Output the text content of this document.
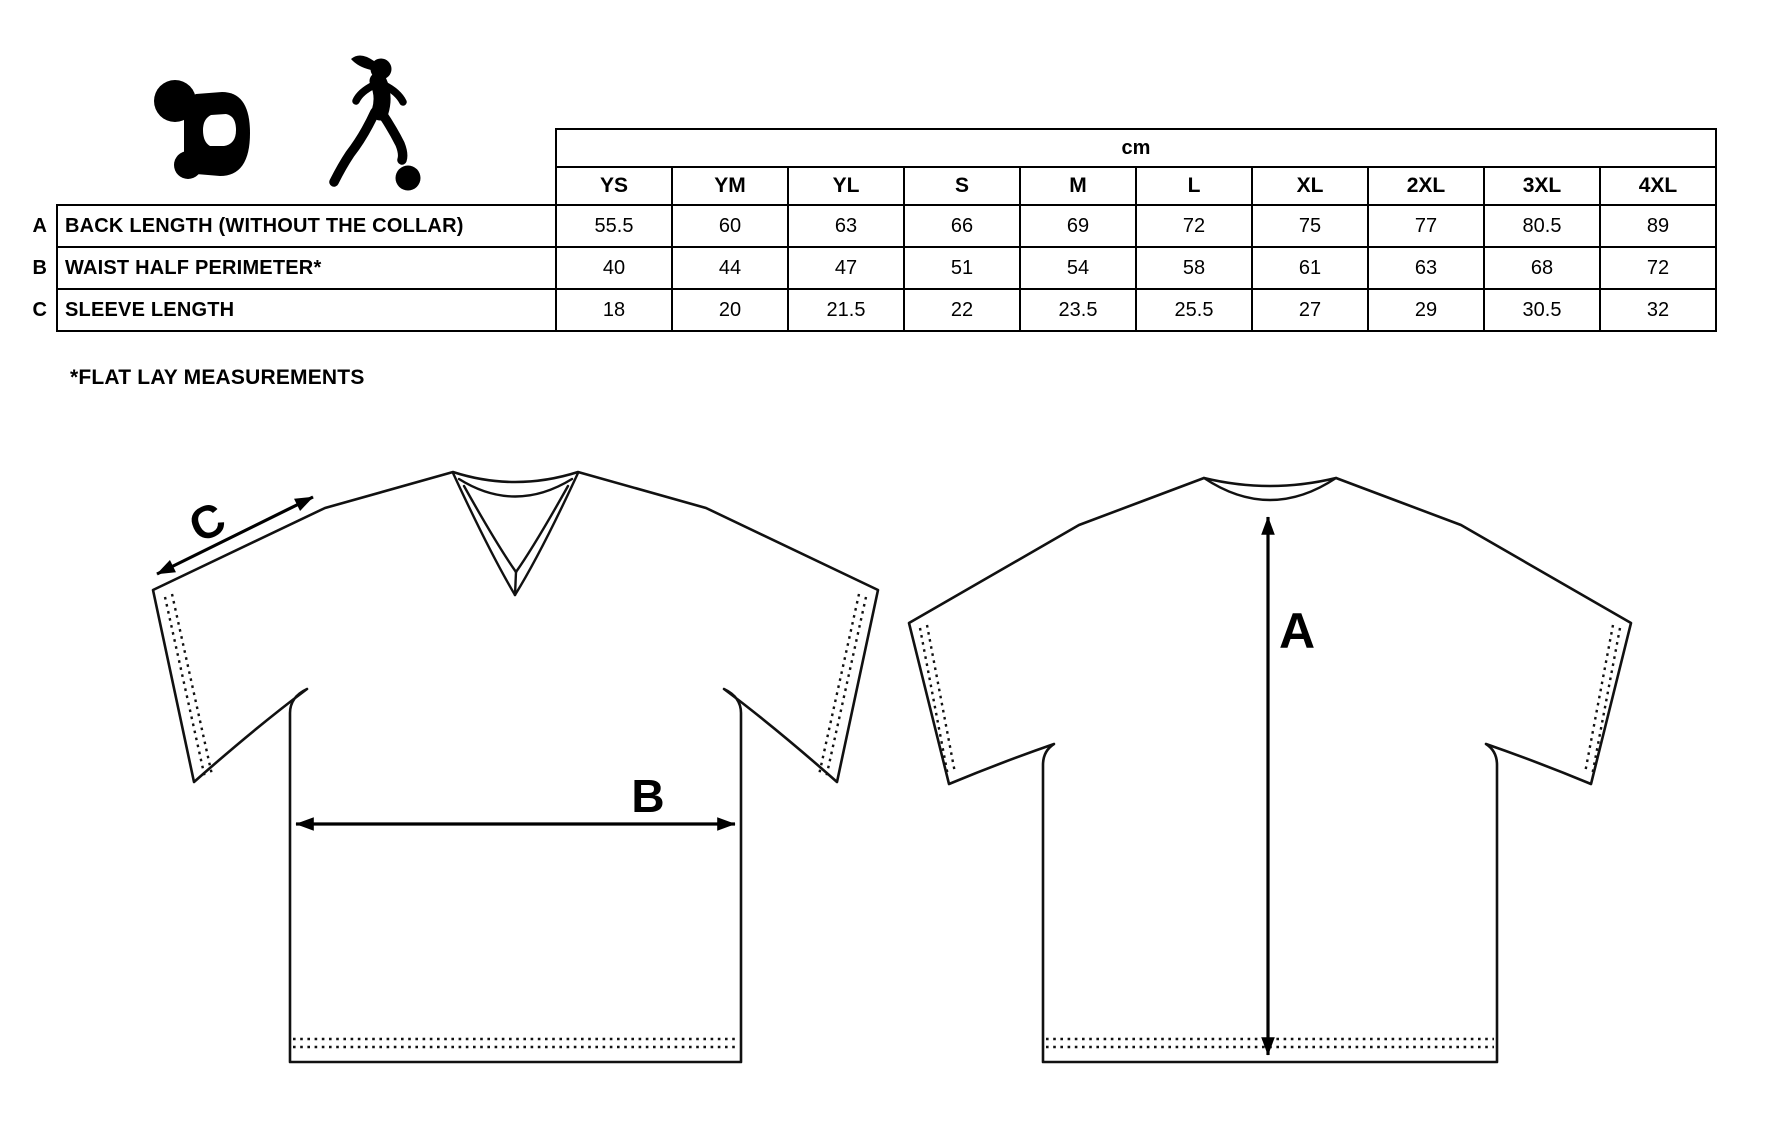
		cm									
		YS	YM	YL	S	M	L	XL	2XL	3XL	4XL
A	BACK LENGTH (WITHOUT THE COLLAR)	55.5	60	63	66	69	72	75	77	80.5	89
B	WAIST HALF PERIMETER*	40	44	47	51	54	58	61	63	68	72
C	SLEEVE LENGTH	18	20	21.5	22	23.5	25.5	27	29	30.5	32
*FLAT LAY MEASUREMENTS
C
B
A
